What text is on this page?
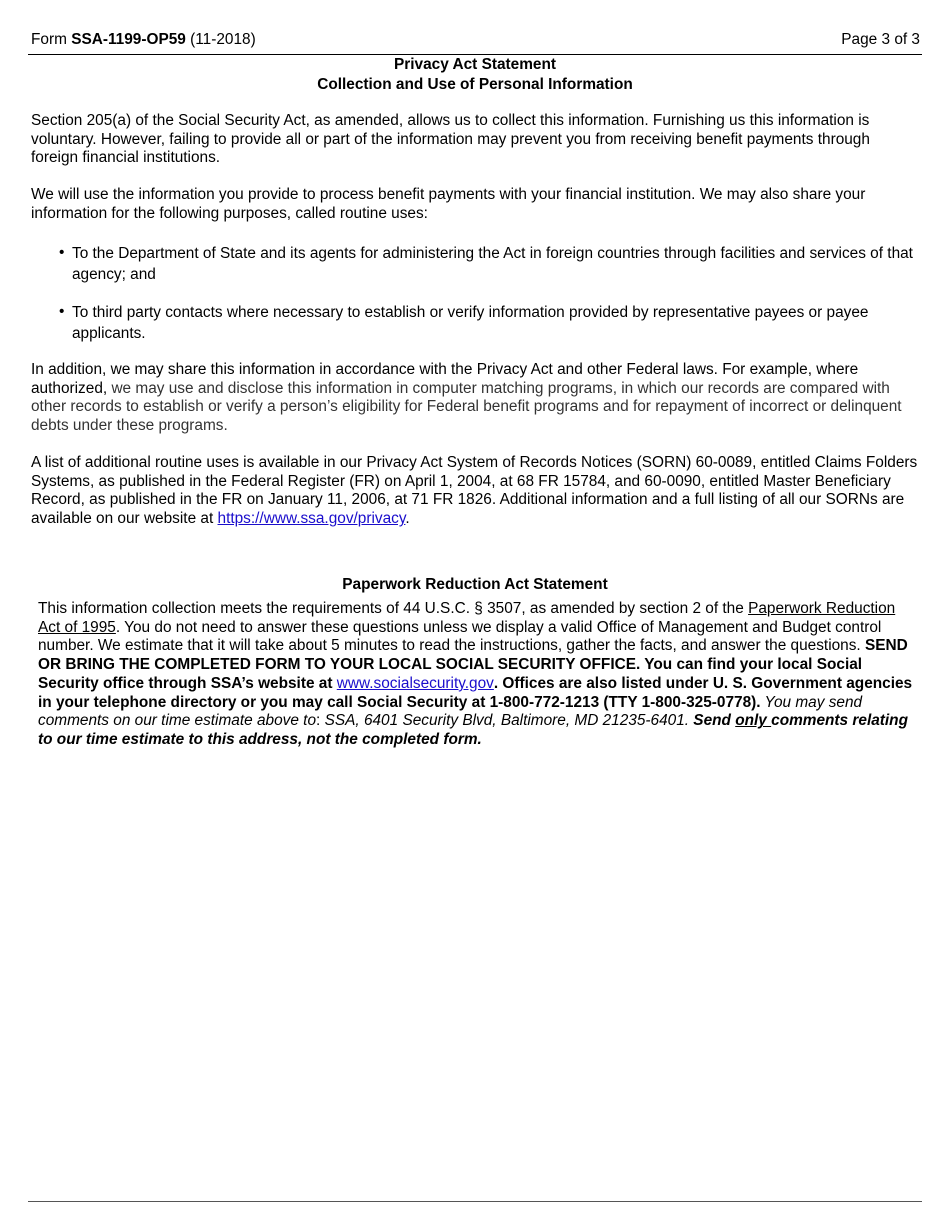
Form SSA-1199-OP59 (11-2018)	Page 3 of 3
Privacy Act Statement
Collection and Use of Personal Information

Section 205(a) of the Social Security Act, as amended, allows us to collect this information. Furnishing us this information is voluntary. However, failing to provide all or part of the information may prevent you from receiving benefit payments through foreign financial institutions.

We will use the information you provide to process benefit payments with your financial institution. We may also share your information for the following purposes, called routine uses:

• To the Department of State and its agents for administering the Act in foreign countries through facilities and services of that agency; and
• To third party contacts where necessary to establish or verify information provided by representative payees or payee applicants.

In addition, we may share this information in accordance with the Privacy Act and other Federal laws. For example, where authorized, we may use and disclose this information in computer matching programs, in which our records are compared with other records to establish or verify a person’s eligibility for Federal benefit programs and for repayment of incorrect or delinquent debts under these programs.

A list of additional routine uses is available in our Privacy Act System of Records Notices (SORN) 60-0089, entitled Claims Folders Systems, as published in the Federal Register (FR) on April 1, 2004, at 68 FR 15784, and 60-0090, entitled Master Beneficiary Record, as published in the FR on January 11, 2006, at 71 FR 1826. Additional information and a full listing of all our SORNs are available on our website at https://www.ssa.gov/privacy.

Paperwork Reduction Act Statement

This information collection meets the requirements of 44 U.S.C. § 3507, as amended by section 2 of the Paperwork Reduction Act of 1995. You do not need to answer these questions unless we display a valid Office of Management and Budget control number. We estimate that it will take about 5 minutes to read the instructions, gather the facts, and answer the questions. SEND OR BRING THE COMPLETED FORM TO YOUR LOCAL SOCIAL SECURITY OFFICE. You can find your local Social Security office through SSA’s website at www.socialsecurity.gov. Offices are also listed under U. S. Government agencies in your telephone directory or you may call Social Security at 1-800-772-1213 (TTY 1-800-325-0778). You may send comments on our time estimate above to: SSA, 6401 Security Blvd, Baltimore, MD 21235-6401. Send only comments relating to our time estimate to this address, not the completed form.
